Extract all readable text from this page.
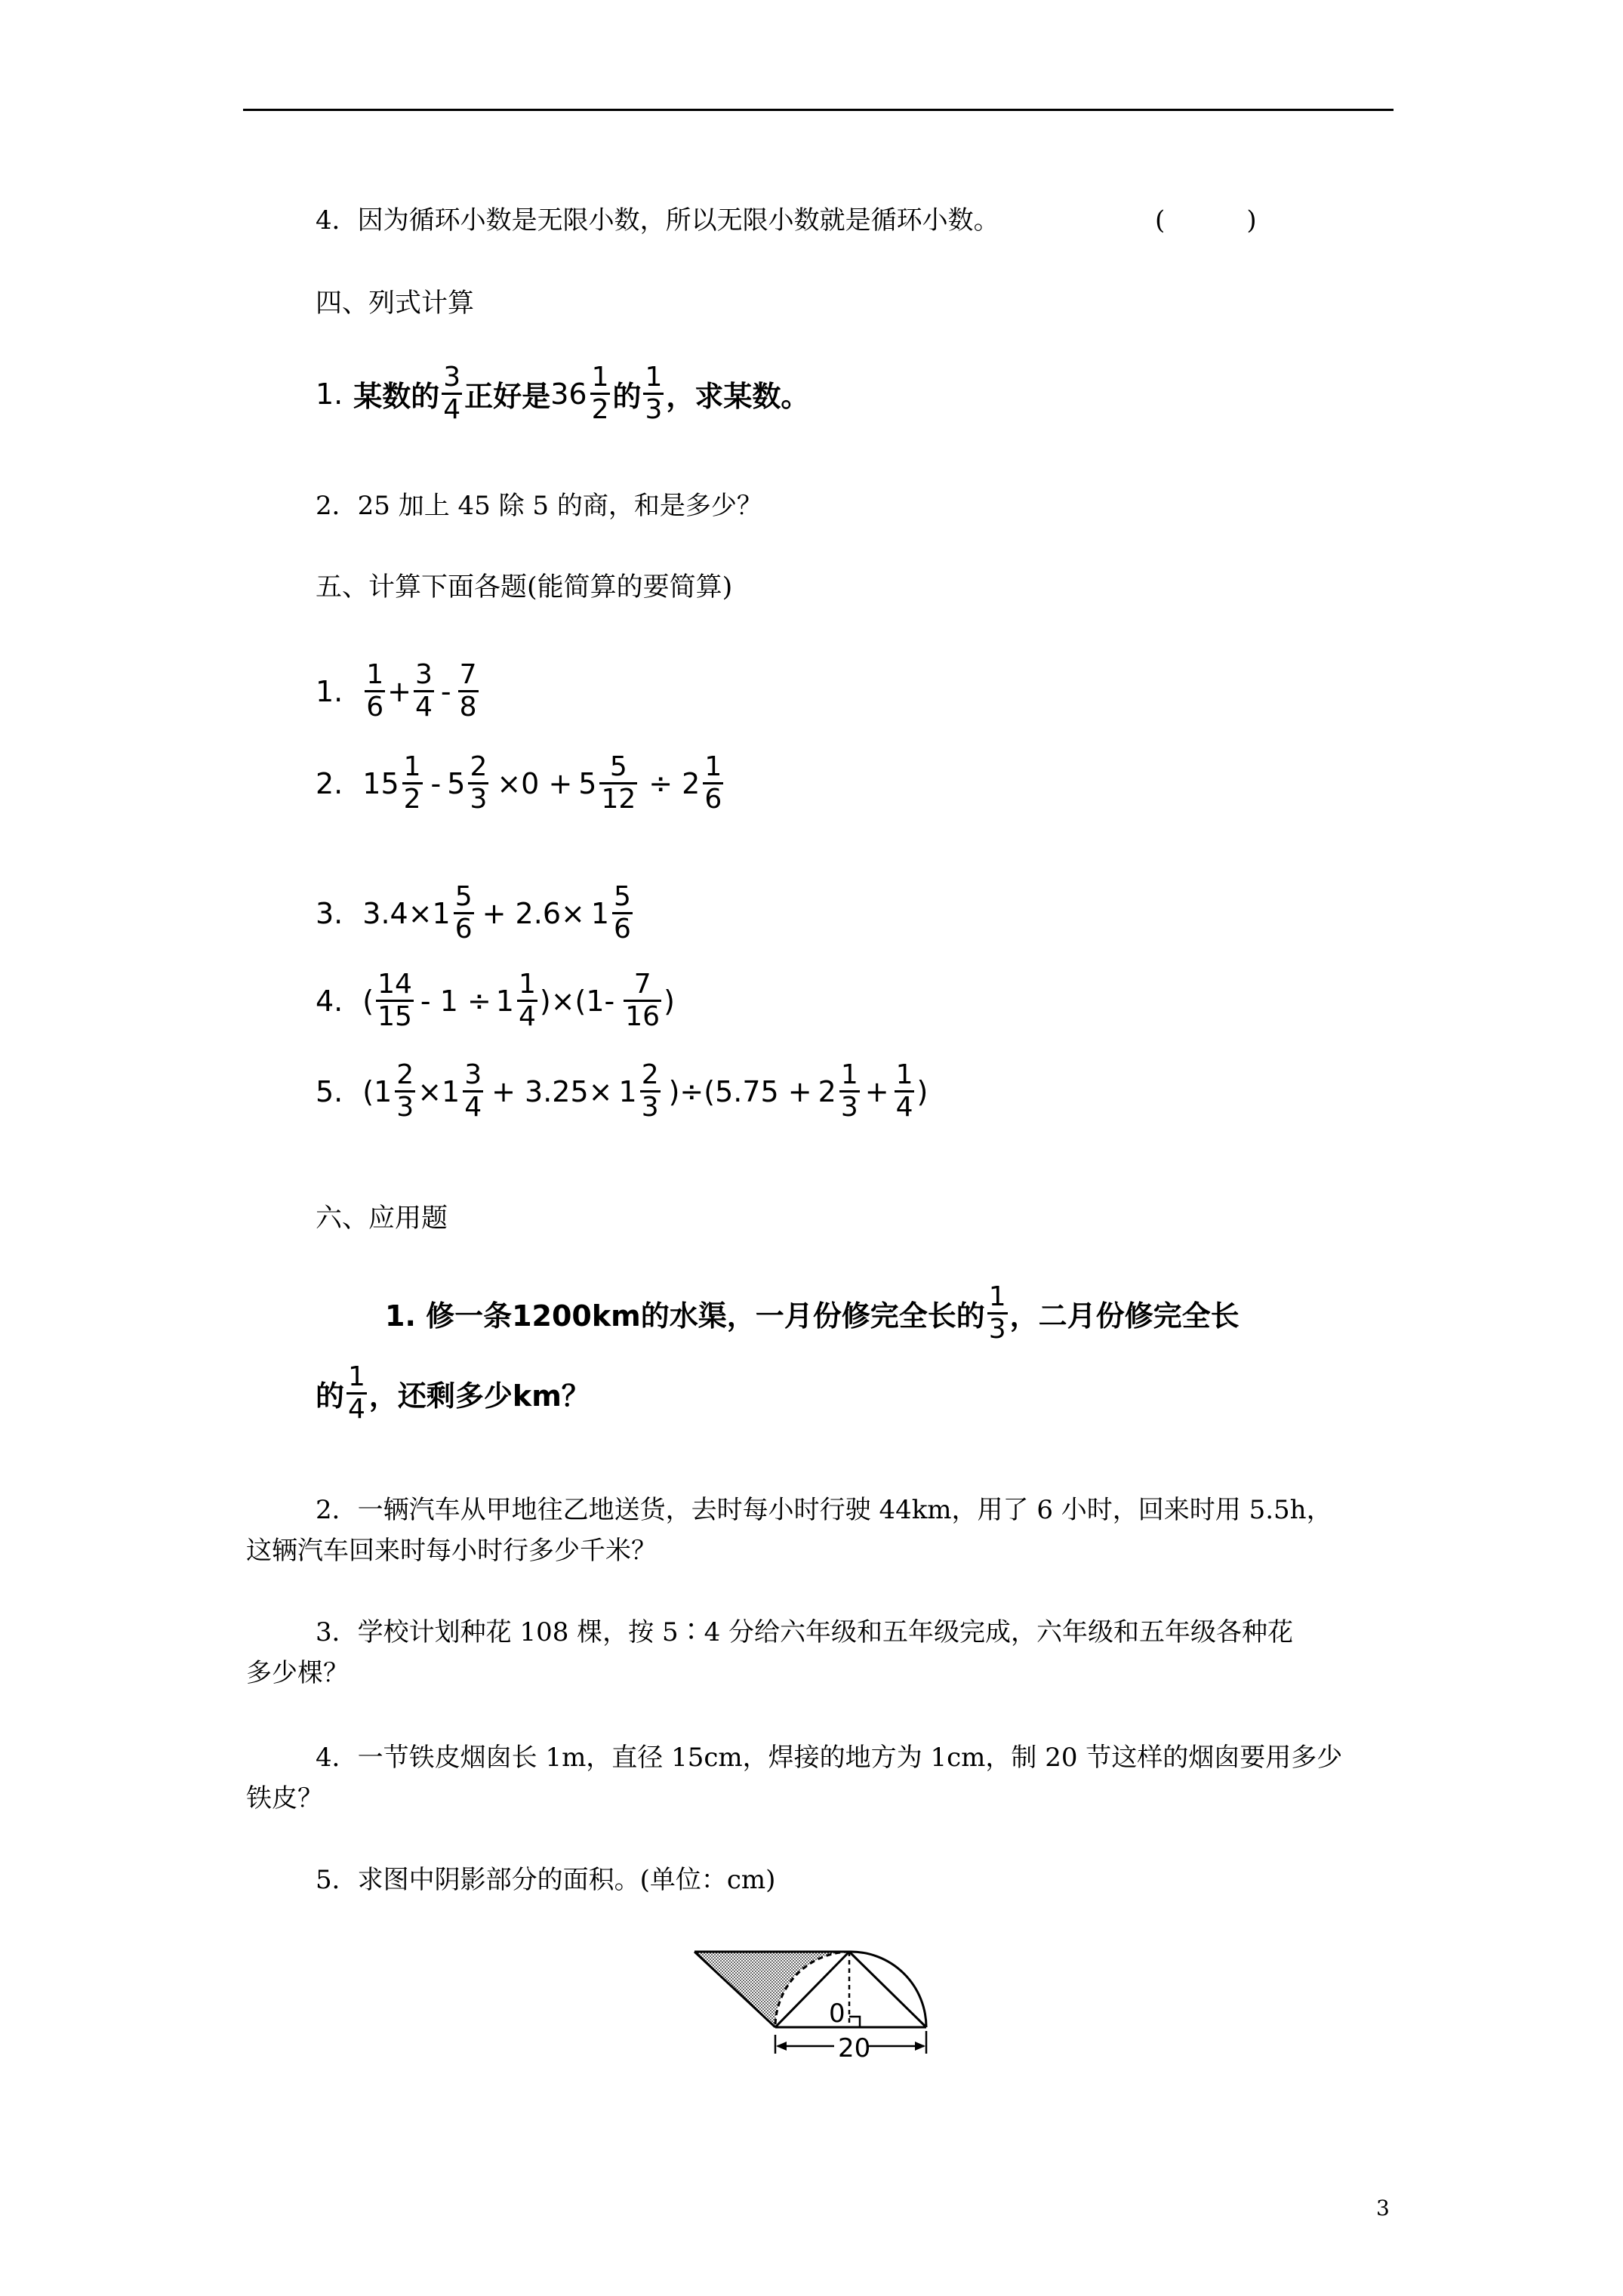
4．因为循环小数是无限小数，所以无限小数就是循环小数。	(          )
四、列式计算
1. 某数的 $\frac{3}{4}$ 正好是 $36 \frac{1}{2}$ 的 $\frac{1}{3}$ ，求某数。
2．25 加上 45 除 5 的商，和是多少？
五、计算下面各题(能简算的要简算)
1. $\frac{1}{6} + \frac{3}{4} - \frac{7}{8}$
2. $15 \frac{1}{2} - 5 \frac{2}{3} \times 0 + 5 \frac{5}{12} \div 2 \frac{1}{6}$
3. $3.4\times 1 \frac{5}{6} + 2.6\times 1 \frac{5}{6}$
4. ( $\frac{14}{15} - 1 \div 1 \frac{1}{4} )\times(1- \frac{7}{16}$ )
5. ( $1 \frac{2}{3} \times 1 \frac{3}{4} + 3.25\times 1 \frac{2}{3} )\div(5.75 + 2 \frac{1}{3} + \frac{1}{4}$ )
六、应用题
1. 修一条1200km的水渠，一月份修完全长的 $\frac{1}{3}$ ，二月份修完全长
的 $\frac{1}{4}$ ，还剩多少km？
2．一辆汽车从甲地往乙地送货，去时每小时行驶 44km，用了 6 小时，回来时用 5.5h，
这辆汽车回来时每小时行多少千米？
3．学校计划种花 108 棵，按 5∶4 分给六年级和五年级完成，六年级和五年级各种花
多少棵？
4．一节铁皮烟囱长 1m，直径 15cm，焊接的地方为 1cm，制 20 节这样的烟囱要用多少
铁皮？
5．求图中阴影部分的面积。(单位：cm)
0
20
3
